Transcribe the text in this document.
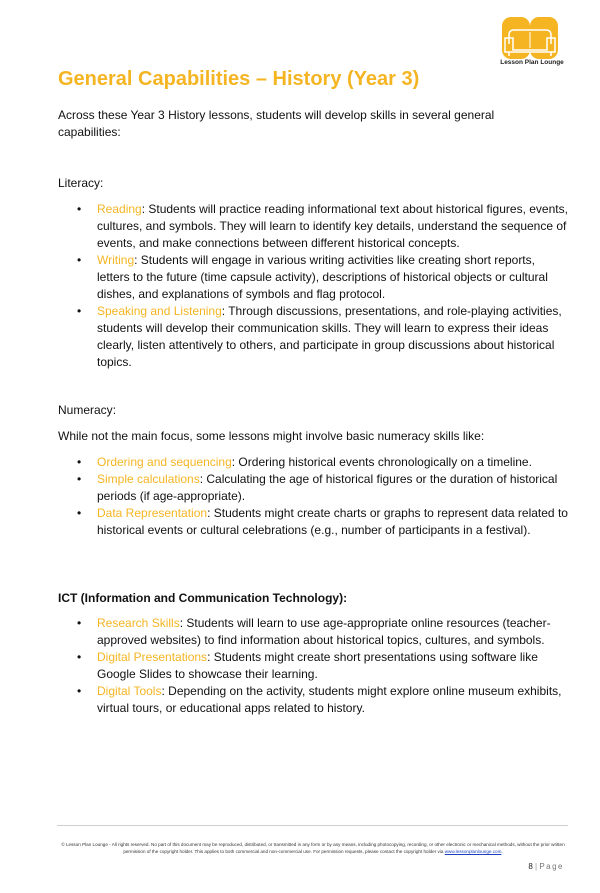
Lesson Plan Lounge
General Capabilities – History (Year 3)

Across these Year 3 History lessons, students will develop skills in several general capabilities:

Literacy:

• Reading: Students will practice reading informational text about historical figures, events, cultures, and symbols. They will learn to identify key details, understand the sequence of events, and make connections between different historical concepts.
• Writing: Students will engage in various writing activities like creating short reports, letters to the future (time capsule activity), descriptions of historical objects or cultural dishes, and explanations of symbols and flag protocol.
• Speaking and Listening: Through discussions, presentations, and role-playing activities, students will develop their communication skills. They will learn to express their ideas clearly, listen attentively to others, and participate in group discussions about historical topics.

Numeracy:

While not the main focus, some lessons might involve basic numeracy skills like:

• Ordering and sequencing: Ordering historical events chronologically on a timeline.
• Simple calculations: Calculating the age of historical figures or the duration of historical periods (if age-appropriate).
• Data Representation: Students might create charts or graphs to represent data related to historical events or cultural celebrations (e.g., number of participants in a festival).

ICT (Information and Communication Technology):

• Research Skills: Students will learn to use age-appropriate online resources (teacher-approved websites) to find information about historical topics, cultures, and symbols.
• Digital Presentations: Students might create short presentations using software like Google Slides to showcase their learning.
• Digital Tools: Depending on the activity, students might explore online museum exhibits, virtual tours, or educational apps related to history.

© Lesson Plan Lounge - All rights reserved. No part of this document may be reproduced, distributed, or transmitted in any form or by any means, including photocopying, recording, or other electronic or mechanical methods, without the prior written permission of the copyright holder. This applies to both commercial and non-commercial use. For permission requests, please contact the copyright holder via www.lessonplanlounge.com.

8 | Page
